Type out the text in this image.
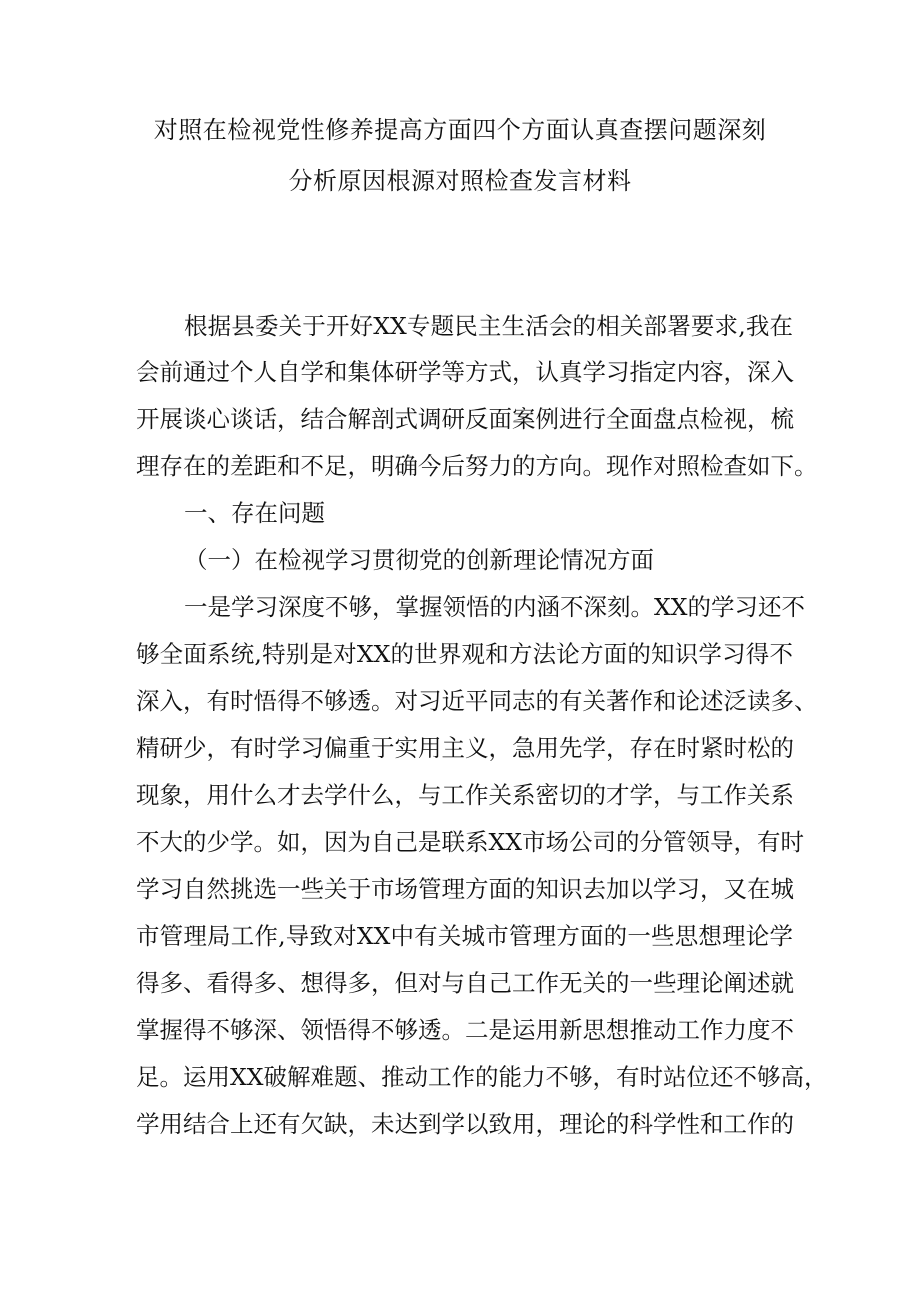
对照在检视党性修养提高方面四个方面认真查摆问题深刻
分析原因根源对照检查发言材料
根据县委关于开好XX专题民主生活会的相关部署要求,我在
会前通过个人自学和集体研学等方式，认真学习指定内容，深入
开展谈心谈话，结合解剖式调研反面案例进行全面盘点检视，梳
理存在的差距和不足，明确今后努力的方向。现作对照检查如下。
一、存在问题
（一）在检视学习贯彻党的创新理论情况方面
一是学习深度不够，掌握领悟的内涵不深刻。XX的学习还不
够全面系统,特别是对XX的世界观和方法论方面的知识学习得不
深入，有时悟得不够透。对习近平同志的有关著作和论述泛读多、
精研少，有时学习偏重于实用主义，急用先学，存在时紧时松的
现象，用什么才去学什么，与工作关系密切的才学，与工作关系
不大的少学。如，因为自己是联系XX市场公司的分管领导，有时
学习自然挑选一些关于市场管理方面的知识去加以学习，又在城
市管理局工作,导致对XX中有关城市管理方面的一些思想理论学
得多、看得多、想得多，但对与自己工作无关的一些理论阐述就
掌握得不够深、领悟得不够透。二是运用新思想推动工作力度不
足。运用XX破解难题、推动工作的能力不够，有时站位还不够高，
学用结合上还有欠缺，未达到学以致用，理论的科学性和工作的
